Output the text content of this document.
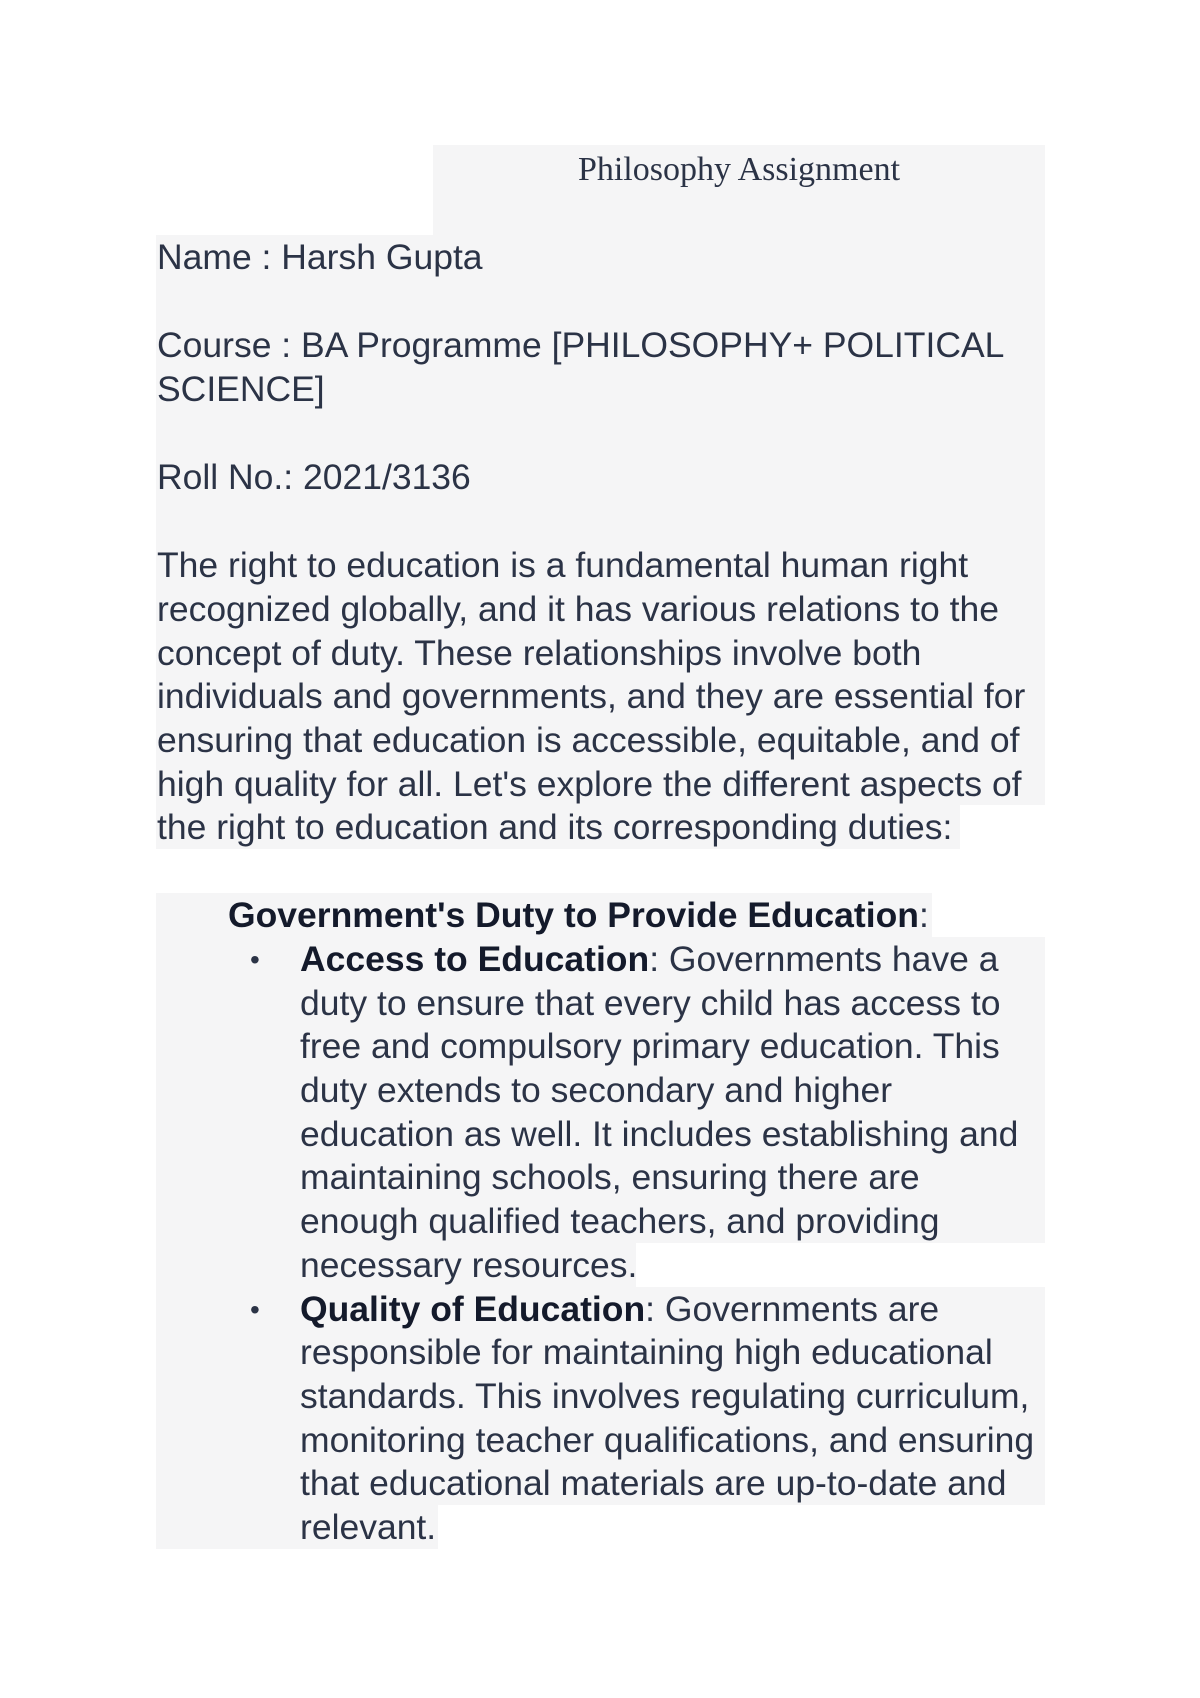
Philosophy Assignment

Name : Harsh Gupta

Course : BA Programme [PHILOSOPHY+ POLITICAL

SCIENCE]

Roll No.: 2021/3136

The right to education is a fundamental human right

recognized globally, and it has various relations to the

concept of duty. These relationships involve both

individuals and governments, and they are essential for

ensuring that education is accessible, equitable, and of

high quality for all. Let's explore the different aspects of

the right to education and its corresponding duties:

Government's Duty to Provide Education:

• Access to Education: Governments have a

duty to ensure that every child has access to

free and compulsory primary education. This

duty extends to secondary and higher

education as well. It includes establishing and

maintaining schools, ensuring there are

enough qualified teachers, and providing

necessary resources.

• Quality of Education: Governments are

responsible for maintaining high educational

standards. This involves regulating curriculum,

monitoring teacher qualifications, and ensuring

that educational materials are up-to-date and

relevant.
